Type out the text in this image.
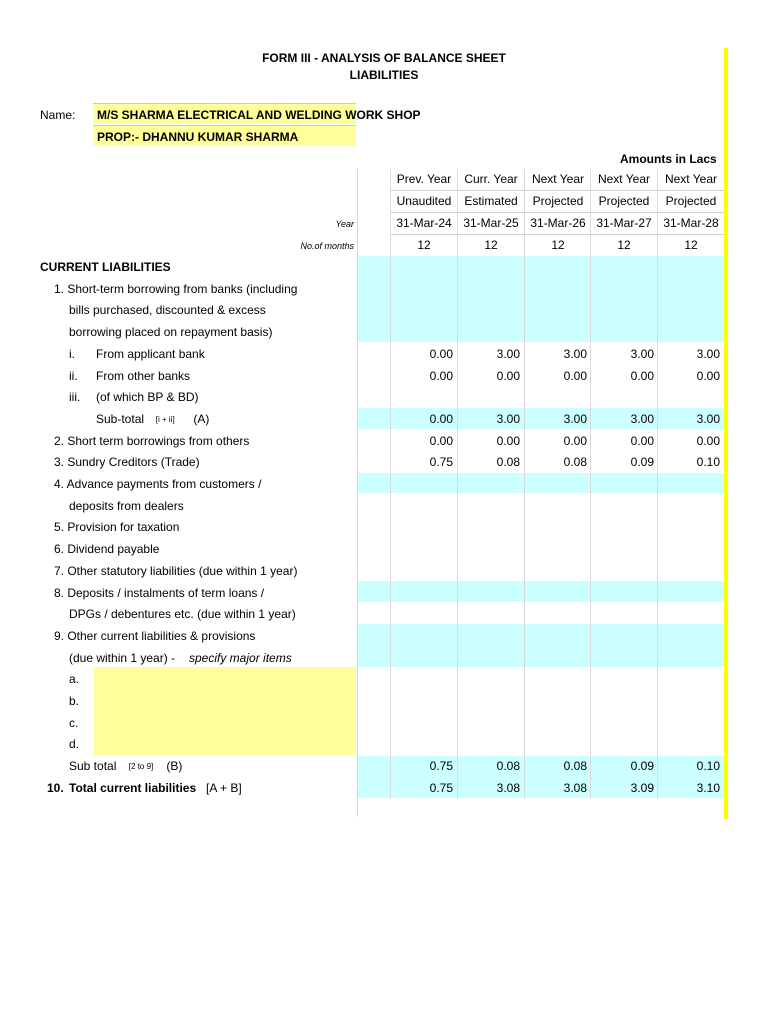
FORM III - ANALYSIS OF BALANCE SHEET
LIABILITIES
Name: M/S SHARMA ELECTRICAL AND WELDING WORK SHOP
PROP:- DHANNU KUMAR SHARMA
Amounts in Lacs
Prev. Year	Curr. Year	Next Year	Next Year	Next Year
Unaudited	Estimated	Projected	Projected	Projected
Year	31-Mar-24 31-Mar-25 31-Mar-26 31-Mar-27 31-Mar-28
No.of months	12	12	12	12	12
CURRENT LIABILITIES
1. Short-term borrowing from banks (including
bills purchased, discounted & excess
borrowing placed on repayment basis)
i. From applicant bank	0.00	3.00	3.00	3.00	3.00
ii. From other banks	0.00	0.00	0.00	0.00	0.00
iii. (of which BP & BD)
Sub-total [i + ii] (A)	0.00	3.00	3.00	3.00	3.00
2. Short term borrowings from others	0.00	0.00	0.00	0.00	0.00
3. Sundry Creditors (Trade)	0.75	0.08	0.08	0.09	0.10
4. Advance payments from customers /
deposits from dealers
5. Provision for taxation
6. Dividend payable
7. Other statutory liabilities (due within 1 year)
8. Deposits / instalments of term loans /
DPGs / debentures etc. (due within 1 year)
9. Other current liabilities & provisions
(due within 1 year) - specify major items
a.
b.
c.
d.
Sub total [2 to 9] (B)	0.75	0.08	0.08	0.09	0.10
10. Total current liabilities [A + B]	0.75	3.08	3.08	3.09	3.10
